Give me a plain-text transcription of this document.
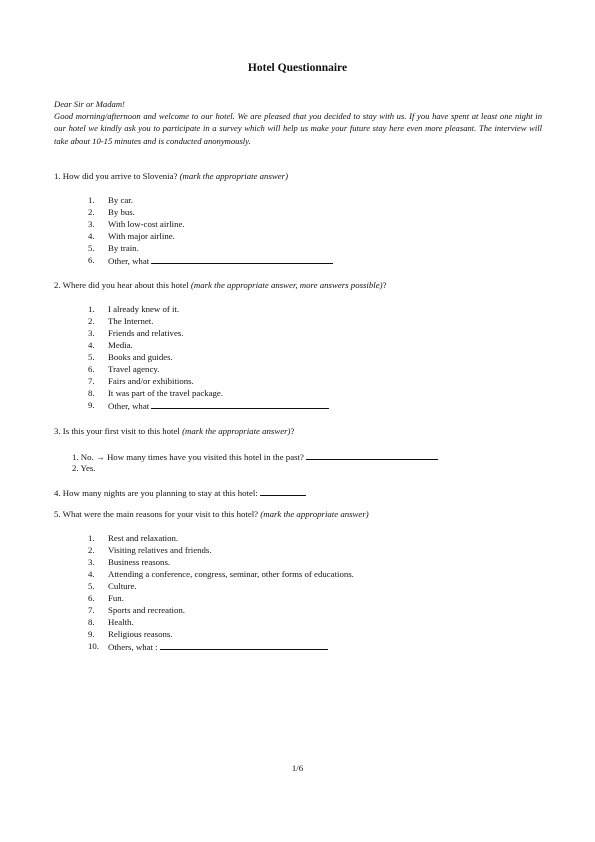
Hotel Questionnaire

Dear Sir or Madam!

Good morning/afternoon and welcome to our hotel. We are pleased that you decided to stay with us. If you have spent at least one night in our hotel we kindly ask you to participate in a survey which will help us make your future stay here even more pleasant. The interview will take about 10-15 minutes and is conducted anonymously.

1. How did you arrive to Slovenia? (mark the appropriate answer)
1.	By car.
2.	By bus.
3.	With low-cost airline.
4.	With major airline.
5.	By train.
6.	Other, what
2. Where did you hear about this hotel (mark the appropriate answer, more answers possible)?
1.	I already knew of it.
2.	The Internet.
3.	Friends and relatives.
4.	Media.
5.	Books and guides.
6.	Travel agency.
7.	Fairs and/or exhibitions.
8.	It was part of the travel package.
9.	Other, what
3. Is this your first visit to this hotel (mark the appropriate answer)?
1. No. → How many times have you visited this hotel in the past?
2. Yes.
4. How many nights are you planning to stay at this hotel:
5. What were the main reasons for your visit to this hotel? (mark the appropriate answer)
1.	Rest and relaxation.
2.	Visiting relatives and friends.
3.	Business reasons.
4.	Attending a conference, congress, seminar, other forms of educations.
5.	Culture.
6.	Fun.
7.	Sports and recreation.
8.	Health.
9.	Religious reasons.
10.	Others, what :
1/6
